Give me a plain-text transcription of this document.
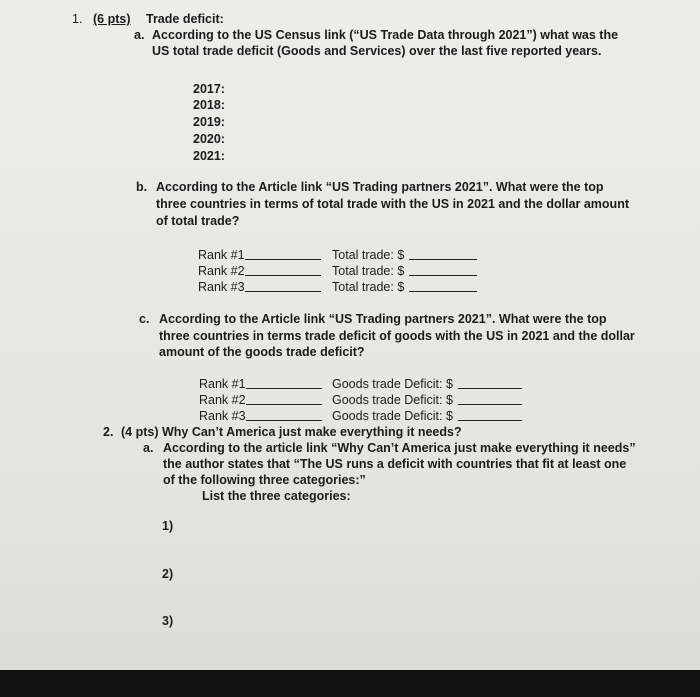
1. (6 pts) Trade deficit:
a. According to the US Census link (“US Trade Data through 2021”) what was the
US total trade deficit (Goods and Services) over the last five reported years.
2017:
2018:
2019:
2020:
2021:
b. According to the Article link “US Trading partners 2021”. What were the top
three countries in terms of total trade with the US in 2021 and the dollar amount
of total trade?
Rank #1	Total trade: $
Rank #2	Total trade: $
Rank #3	Total trade: $
c. According to the Article link “US Trading partners 2021”. What were the top
three countries in terms trade deficit of goods with the US in 2021 and the dollar
amount of the goods trade deficit?
Rank #1	Goods trade Deficit: $
Rank #2	Goods trade Deficit: $
Rank #3	Goods trade Deficit: $
2. (4 pts) Why Can’t America just make everything it needs?
a. According to the article link “Why Can’t America just make everything it needs”
the author states that “The US runs a deficit with countries that fit at least one
of the following three categories:”
List the three categories:
1)
2)
3)
